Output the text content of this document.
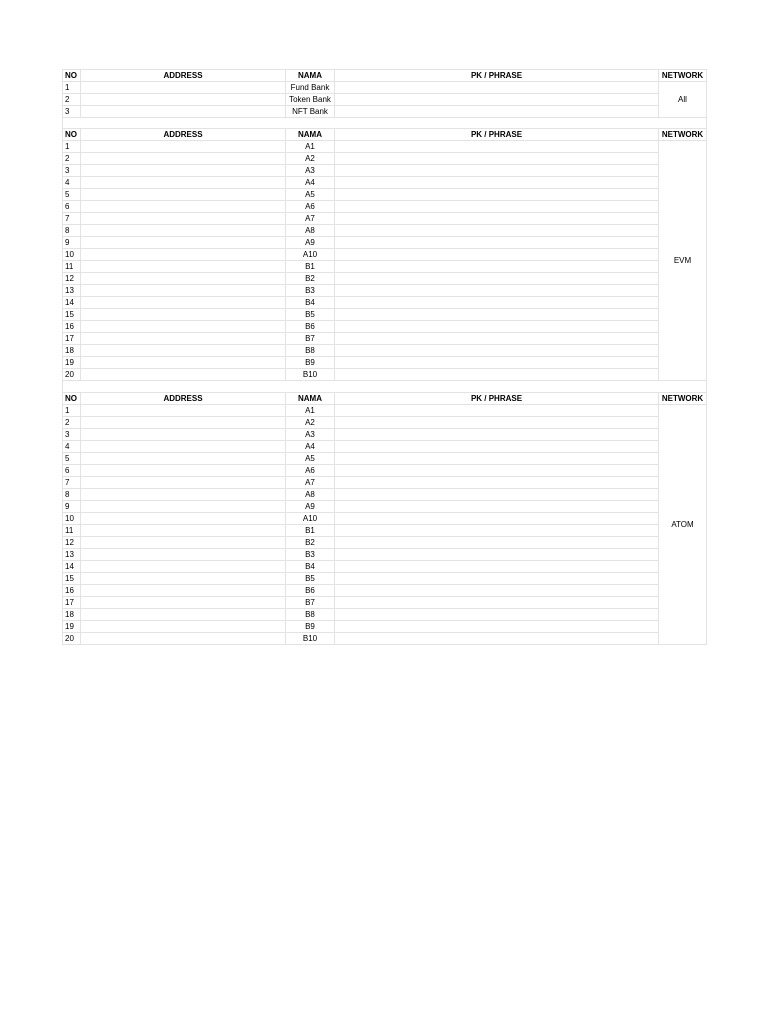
NO	ADDRESS	NAMA	PK / PHRASE	NETWORK
1		Fund Bank		All
2		Token Bank		
3		NFT Bank		

NO	ADDRESS	NAMA	PK / PHRASE	NETWORK
1		A1		EVM
2		A2		
3		A3		
4		A4		
5		A5		
6		A6		
7		A7		
8		A8		
9		A9		
10		A10		
11		B1		
12		B2		
13		B3		
14		B4		
15		B5		
16		B6		
17		B7		
18		B8		
19		B9		
20		B10		

NO	ADDRESS	NAMA	PK / PHRASE	NETWORK
1		A1		ATOM
2		A2		
3		A3		
4		A4		
5		A5		
6		A6		
7		A7		
8		A8		
9		A9		
10		A10		
11		B1		
12		B2		
13		B3		
14		B4		
15		B5		
16		B6		
17		B7		
18		B8		
19		B9		
20		B10		
